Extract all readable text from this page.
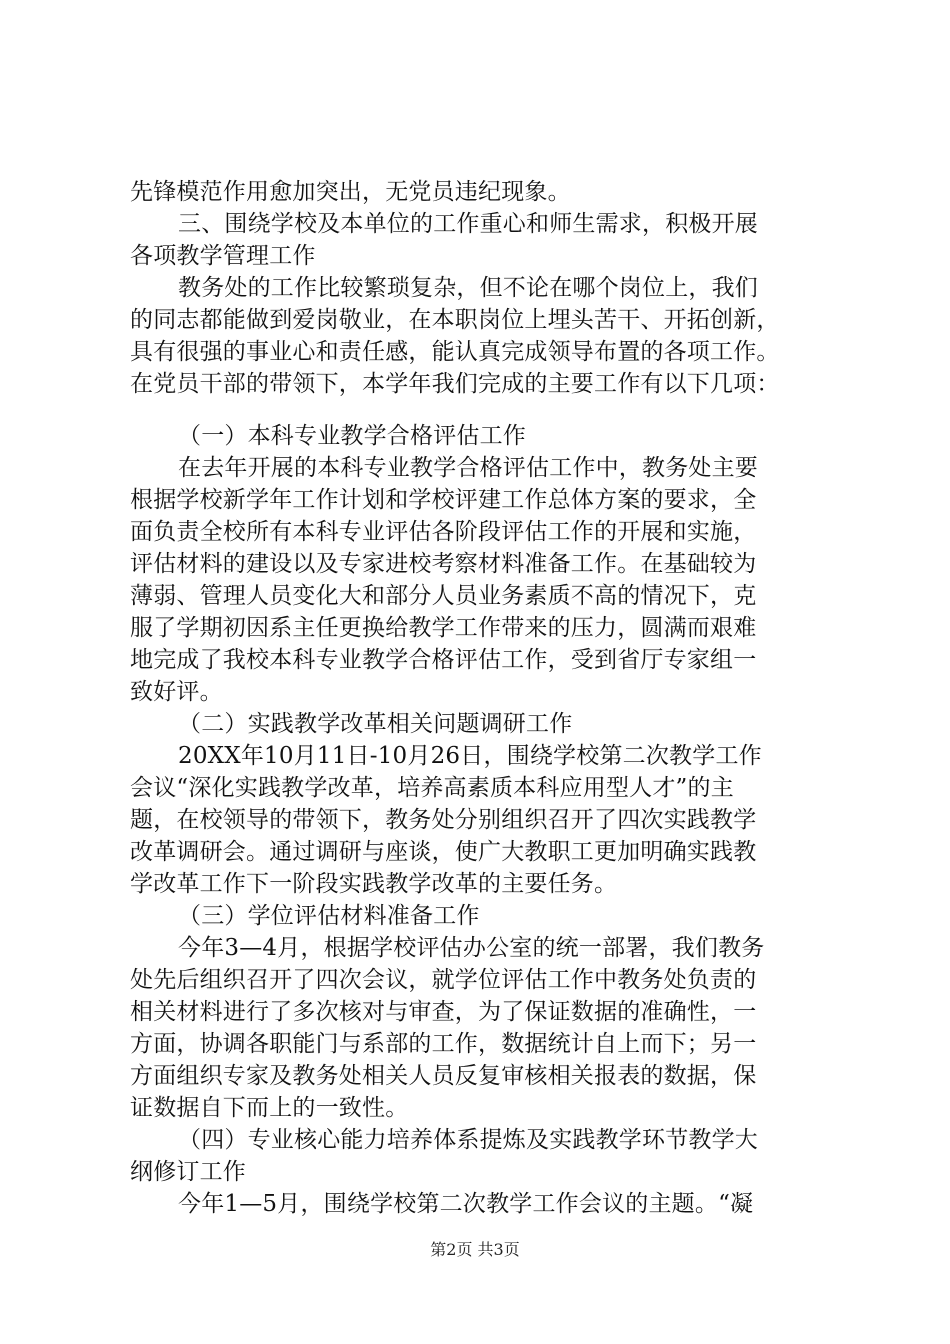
先锋模范作用愈加突出，无党员违纪现象。
三、围绕学校及本单位的工作重心和师生需求，积极开展
各项教学管理工作
教务处的工作比较繁琐复杂，但不论在哪个岗位上，我们
的同志都能做到爱岗敬业，在本职岗位上埋头苦干、开拓创新，
具有很强的事业心和责任感，能认真完成领导布置的各项工作。
在党员干部的带领下，本学年我们完成的主要工作有以下几项：
（一）本科专业教学合格评估工作
在去年开展的本科专业教学合格评估工作中，教务处主要
根据学校新学年工作计划和学校评建工作总体方案的要求，全
面负责全校所有本科专业评估各阶段评估工作的开展和实施，
评估材料的建设以及专家进校考察材料准备工作。在基础较为
薄弱、管理人员变化大和部分人员业务素质不高的情况下，克
服了学期初因系主任更换给教学工作带来的压力，圆满而艰难
地完成了我校本科专业教学合格评估工作，受到省厅专家组一
致好评。
（二）实践教学改革相关问题调研工作
20XX年10月11日-10月26日，围绕学校第二次教学工作
会议“深化实践教学改革，培养高素质本科应用型人才”的主
题，在校领导的带领下，教务处分别组织召开了四次实践教学
改革调研会。通过调研与座谈，使广大教职工更加明确实践教
学改革工作下一阶段实践教学改革的主要任务。
（三）学位评估材料准备工作
今年3—4月，根据学校评估办公室的统一部署，我们教务
处先后组织召开了四次会议，就学位评估工作中教务处负责的
相关材料进行了多次核对与审查，为了保证数据的准确性，一
方面，协调各职能门与系部的工作，数据统计自上而下；另一
方面组织专家及教务处相关人员反复审核相关报表的数据，保
证数据自下而上的一致性。
（四）专业核心能力培养体系提炼及实践教学环节教学大
纲修订工作
今年1—5月，围绕学校第二次教学工作会议的主题。“凝
第2页 共3页
